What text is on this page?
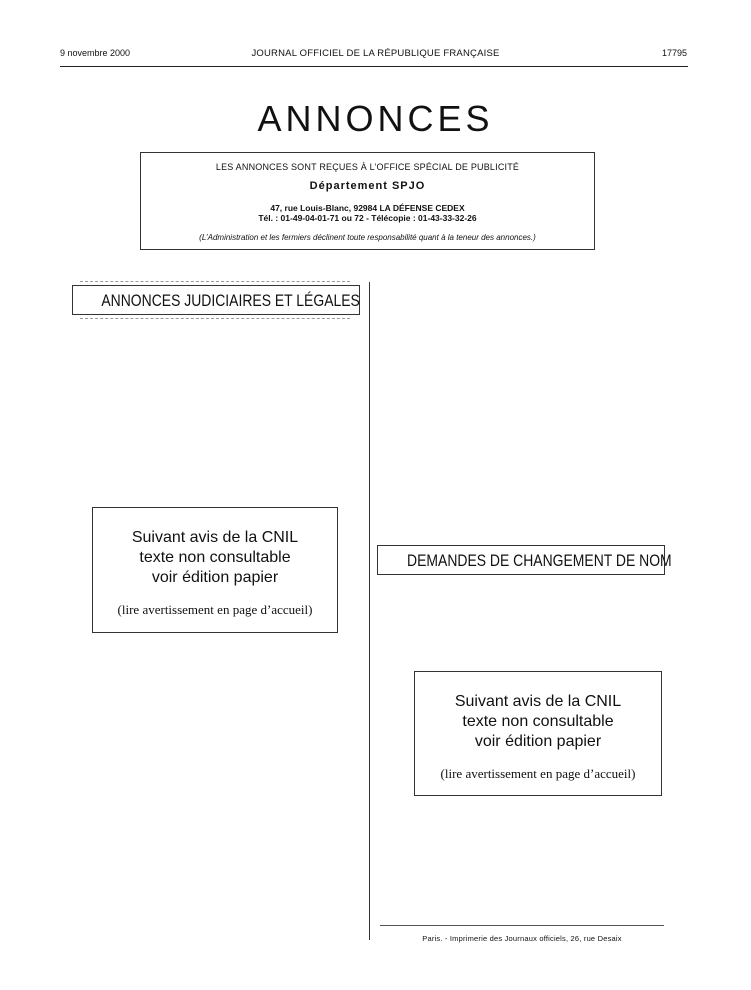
9 novembre 2000	JOURNAL OFFICIEL DE LA RÉPUBLIQUE FRANÇAISE	17795
ANNONCES
LES ANNONCES SONT REÇUES À L’OFFICE SPÉCIAL DE PUBLICITÉ
Département SPJO
47, rue Louis-Blanc, 92984 LA DÉFENSE CEDEX
Tél. : 01-49-04-01-71 ou 72 - Télécopie : 01-43-33-32-26
(L’Administration et les fermiers déclinent toute responsabilité quant à la teneur des annonces.)
ANNONCES JUDICIAIRES ET LÉGALES
Suivant avis de la CNIL
texte non consultable
voir édition papier
(lire avertissement en page d’accueil)
DEMANDES DE CHANGEMENT DE NOM
Suivant avis de la CNIL
texte non consultable
voir édition papier
(lire avertissement en page d’accueil)
Paris. - Imprimerie des Journaux officiels, 26, rue Desaix
